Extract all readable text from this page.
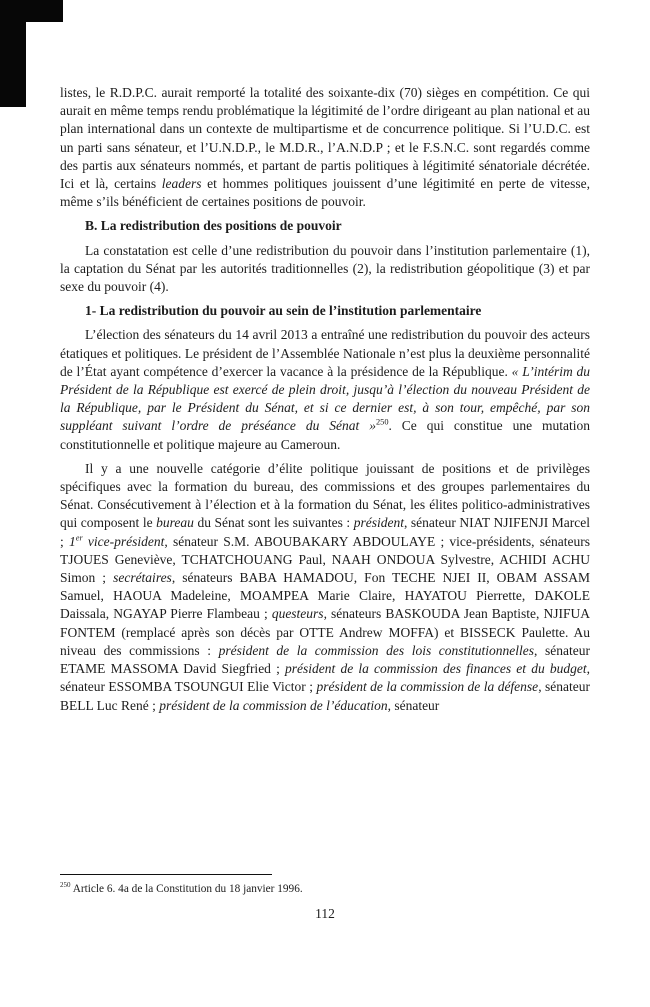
listes, le R.D.P.C. aurait remporté la totalité des soixante-dix (70) sièges en compétition. Ce qui aurait en même temps rendu problématique la légitimité de l’ordre dirigeant au plan national et au plan international dans un contexte de multipartisme et de concurrence politique. Si l’U.D.C. est un parti sans sénateur, et l’U.N.D.P., le M.D.R., l’A.N.D.P ; et le F.S.N.C. sont regardés comme des partis aux sénateurs nommés, et partant de partis politiques à légitimité sénatoriale décrétée. Ici et là, certains leaders et hommes politiques jouissent d’une légitimité en perte de vitesse, même s’ils bénéficient de certaines positions de pouvoir.

B. La redistribution des positions de pouvoir

La constatation est celle d’une redistribution du pouvoir dans l’institution parlementaire (1), la captation du Sénat par les autorités traditionnelles (2), la redistribution géopolitique (3) et par sexe du pouvoir (4).

1- La redistribution du pouvoir au sein de l’institution parlementaire

L’élection des sénateurs du 14 avril 2013 a entraîné une redistribution du pouvoir des acteurs étatiques et politiques. Le président de l’Assemblée Nationale n’est plus la deuxième personnalité de l’État ayant compétence d’exercer la vacance à la présidence de la République. « L’intérim du Président de la République est exercé de plein droit, jusqu’à l’élection du nouveau Président de la République, par le Président du Sénat, et si ce dernier est, à son tour, empêché, par son suppléant suivant l’ordre de préséance du Sénat »$^{250}$. Ce qui constitue une mutation constitutionnelle et politique majeure au Cameroun.

Il y a une nouvelle catégorie d’élite politique jouissant de positions et de privilèges spécifiques avec la formation du bureau, des commissions et des groupes parlementaires du Sénat. Consécutivement à l’élection et à la formation du Sénat, les élites politico-administratives qui composent le bureau du Sénat sont les suivantes : président, sénateur NIAT NJIFENJI Marcel ; 1er vice-président, sénateur S.M. ABOUBAKARY ABDOULAYE ; vice-présidents, sénateurs TJOUES Geneviève, TCHATCHOUANG Paul, NAAH ONDOUA Sylvestre, ACHIDI ACHU Simon ; secrétaires, sénateurs BABA HAMADOU, Fon TECHE NJEI II, OBAM ASSAM Samuel, HAOUA Madeleine, MOAMPEA Marie Claire, HAYATOU Pierrette, DAKOLE Daissala, NGAYAP Pierre Flambeau ; questeurs, sénateurs BASKOUDA Jean Baptiste, NJIFUA FONTEM (remplacé après son décès par OTTE Andrew MOFFA) et BISSECK Paulette. Au niveau des commissions : président de la commission des lois constitutionnelles, sénateur ETAME MASSOMA David Siegfried ; président de la commission des finances et du budget, sénateur ESSOMBA TSOUNGUI Elie Victor ; président de la commission de la défense, sénateur BELL Luc René ; président de la commission de l’éducation, sénateur

$^{250}$ Article 6. 4a de la Constitution du 18 janvier 1996.
112
